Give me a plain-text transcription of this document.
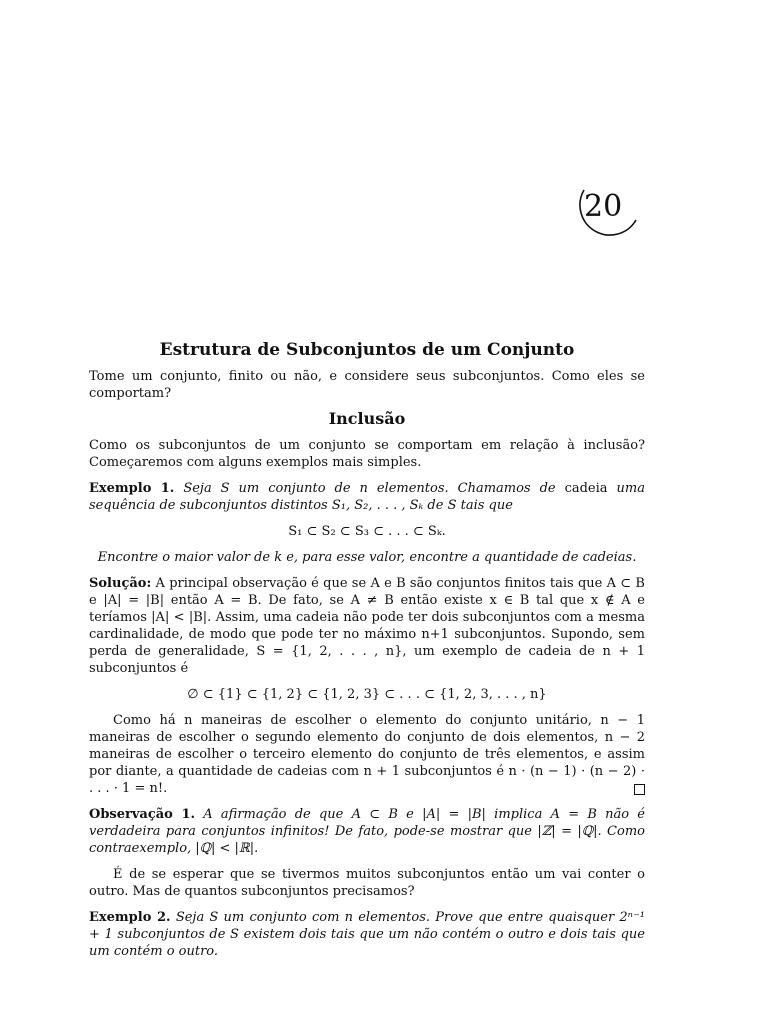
20
Estrutura de Subconjuntos de um Conjunto

Tome um conjunto, finito ou não, e considere seus subconjuntos. Como eles se comportam?

Inclusão

Como os subconjuntos de um conjunto se comportam em relação à inclusão? Começaremos com alguns exemplos mais simples.

Exemplo 1. Seja S um conjunto de n elementos. Chamamos de cadeia uma sequência de subconjuntos distintos S₁, S₂, . . . , Sₖ de S tais que

S₁ ⊂ S₂ ⊂ S₃ ⊂ . . . ⊂ Sₖ.

Encontre o maior valor de k e, para esse valor, encontre a quantidade de cadeias.

Solução: A principal observação é que se A e B são conjuntos finitos tais que A ⊂ B e |A| = |B| então A = B. De fato, se A ≠ B então existe x ∈ B tal que x ∉ A e teríamos |A| < |B|. Assim, uma cadeia não pode ter dois subconjuntos com a mesma cardinalidade, de modo que pode ter no máximo n+1 subconjuntos. Supondo, sem perda de generalidade, S = {1, 2, . . . , n}, um exemplo de cadeia de n + 1 subconjuntos é

∅ ⊂ {1} ⊂ {1, 2} ⊂ {1, 2, 3} ⊂ . . . ⊂ {1, 2, 3, . . . , n}

Como há n maneiras de escolher o elemento do conjunto unitário, n − 1 maneiras de escolher o segundo elemento do conjunto de dois elementos, n − 2 maneiras de escolher o terceiro elemento do conjunto de três elementos, e assim por diante, a quantidade de cadeias com n + 1 subconjuntos é n · (n − 1) · (n − 2) · . . . · 1 = n!.

Observação 1. A afirmação de que A ⊂ B e |A| = |B| implica A = B não é verdadeira para conjuntos infinitos! De fato, pode-se mostrar que |ℤ| = |ℚ|. Como contraexemplo, |ℚ| < |ℝ|.

É de se esperar que se tivermos muitos subconjuntos então um vai conter o outro. Mas de quantos subconjuntos precisamos?

Exemplo 2. Seja S um conjunto com n elementos. Prove que entre quaisquer 2ⁿ⁻¹ + 1 subconjuntos de S existem dois tais que um não contém o outro e dois tais que um contém o outro.
